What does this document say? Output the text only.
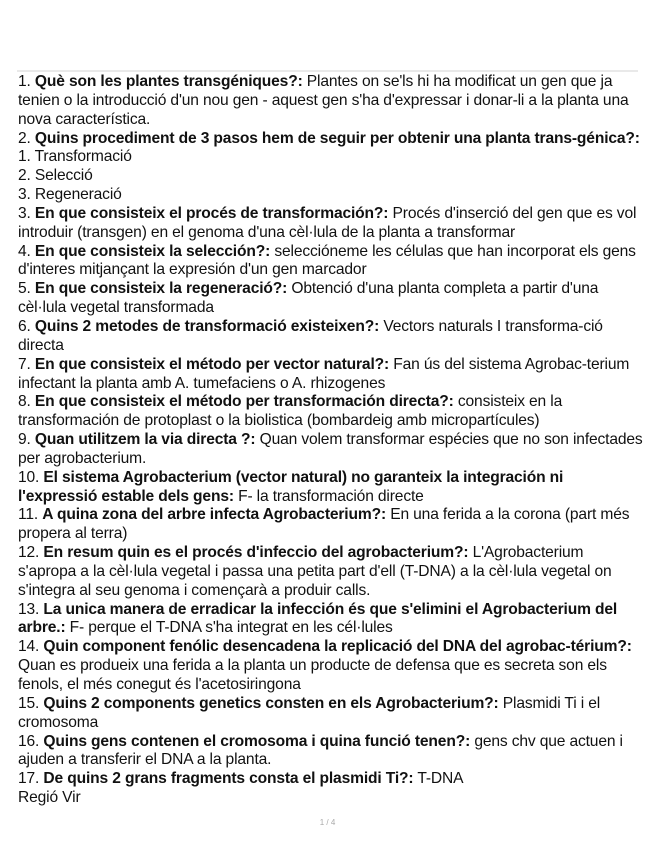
1. Què son les plantes transgéniques?: Plantes on se'ls hi ha modificat un gen que ja tenien o la introducció d'un nou gen - aquest gen s'ha d'expressar i donar-li a la planta una nova característica.
2. Quins procediment de 3 pasos hem de seguir per obtenir una planta trans-génica?: 1. Transformació
2. Selecció
3. Regeneració
3. En que consisteix el procés de transformación?: Procés d'inserció del gen que es vol introduir (transgen) en el genoma d'una cèl·lula de la planta a transformar
4. En que consisteix la selección?: seleccióneme les células que han incorporat els gens d'interes mitjançant la expresión d'un gen marcador
5. En que consisteix la regeneració?: Obtenció d'una planta completa a partir d'una cèl·lula vegetal transformada
6. Quins 2 metodes de transformació existeixen?: Vectors naturals I transforma-ció directa
7. En que consisteix el método per vector natural?: Fan ús del sistema Agrobac-terium infectant la planta amb A. tumefaciens o A. rhizogenes
8. En que consisteix el método per transformación directa?: consisteix en la transformación de protoplast o la biolistica (bombardeig amb micropartícules)
9. Quan utilitzem la via directa ?: Quan volem transformar espécies que no son infectades per agrobacterium.
10. El sistema Agrobacterium (vector natural) no garanteix la integración ni l'expressió estable dels gens: F- la transformación directe
11. A quina zona del arbre infecta Agrobacterium?: En una ferida a la corona (part més propera al terra)
12. En resum quin es el procés d'infeccio del agrobacterium?: L'Agrobacterium s'apropa a la cèl·lula vegetal i passa una petita part d'ell (T-DNA) a la cèl·lula vegetal on s'integra al seu genoma i començarà a produir calls.
13. La unica manera de erradicar la infección és que s'elimini el Agrobacterium del arbre.: F- perque el T-DNA s'ha integrat en les cél·lules
14. Quin component fenólic desencadena la replicació del DNA del agrobac-térium?: Quan es produeix una ferida a la planta un producte de defensa que es secreta son els fenols, el més conegut és l'acetosiringona
15. Quins 2 components genetics consten en els Agrobacterium?: Plasmidi Ti i el cromosoma
16. Quins gens contenen el cromosoma i quina funció tenen?: gens chv que actuen i ajuden a transferir el DNA a la planta.
17. De quins 2 grans fragments consta el plasmidi Ti?: T-DNA
Regió Vir
1 / 4
